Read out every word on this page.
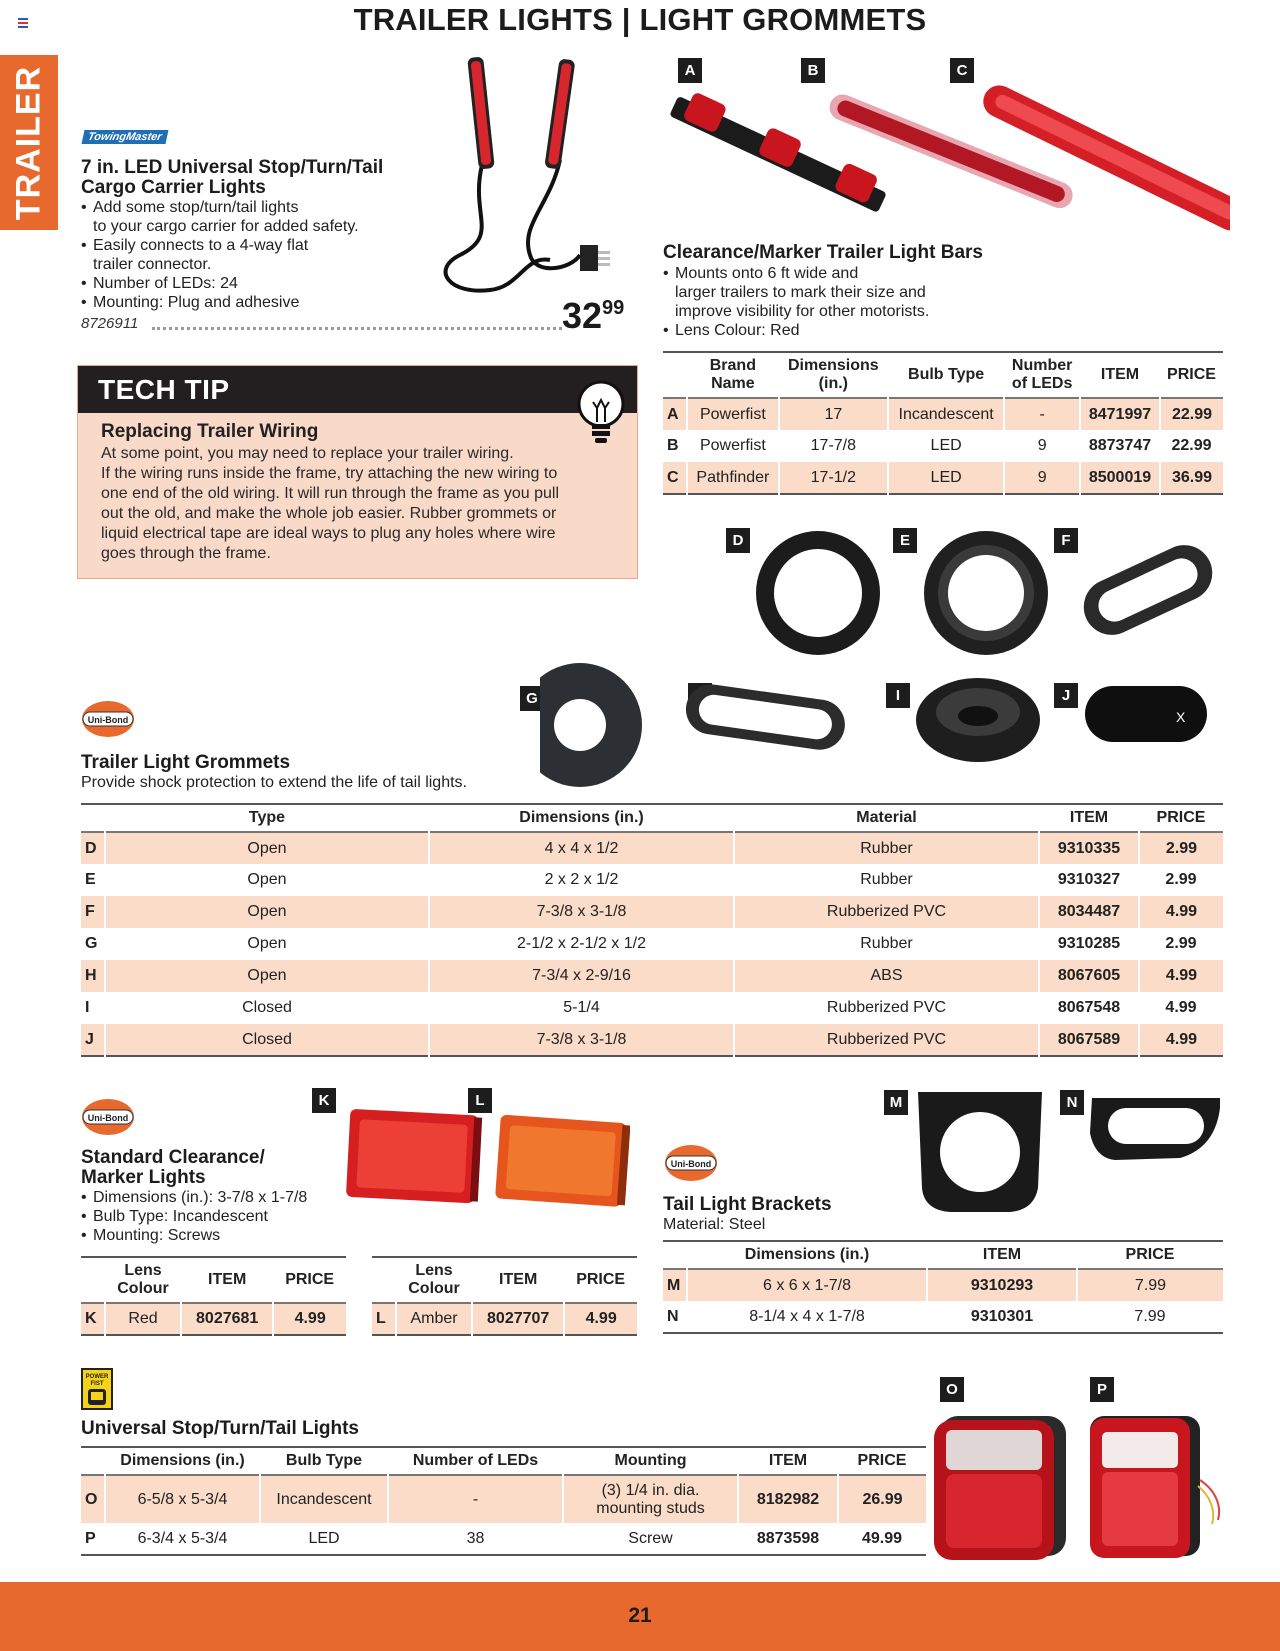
TRAILER LIGHTS | LIGHT GROMMETS
TRAILER	TowingMaster
7 in. LED Universal Stop/Turn/Tail
Cargo Carrier Lights
• Add some stop/turn/tail lights
to your cargo carrier for added safety.
• Easily connects to a 4-way flat
trailer connector.
• Number of LEDs: 24
• Mounting: Plug and adhesive
8726911	$32^{99}$
TECH TIP
Replacing Trailer Wiring
At some point, you may need to replace your trailer wiring.
If the wiring runs inside the frame, try attaching the new wiring to
one end of the old wiring. It will run through the frame as you pull
out the old, and make the whole job easier. Rubber grommets or
liquid electrical tape are ideal ways to plug any holes where wire
goes through the frame.
A	B	C
Clearance/Marker Trailer Light Bars
• Mounts onto 6 ft wide and
larger trailers to mark their size and
improve visibility for other motorists.
• Lens Colour: Red
	Brand
Name	Dimensions
(in.)	Bulb Type	Number
of LEDs	ITEM	PRICE
A	Powerfist	17	Incandescent	-	8471997	22.99
B	Powerfist	17-7/8	LED	9	8873747	22.99
C	Pathfinder	17-1/2	LED	9	8500019	36.99
D	E	F
G	I	J
X
Uni-Bond
Trailer Light Grommets
Provide shock protection to extend the life of tail lights.
	Type	Dimensions (in.)	Material	ITEM	PRICE
D	Open	4 x 4 x 1/2	Rubber	9310335	2.99
E	Open	2 x 2 x 1/2	Rubber	9310327	2.99
F	Open	7-3/8 x 3-1/8	Rubberized PVC	8034487	4.99
G	Open	2-1/2 x 2-1/2 x 1/2	Rubber	9310285	2.99
H	Open	7-3/4 x 2-9/16	ABS	8067605	4.99
I	Closed	5-1/4	Rubberized PVC	8067548	4.99
J	Closed	7-3/8 x 3-1/8	Rubberized PVC	8067589	4.99
Uni-Bond
Standard Clearance/
Marker Lights
• Dimensions (in.): 3-7/8 x 1-7/8
• Bulb Type: Incandescent
• Mounting: Screws
K	L
	Lens
Colour	ITEM	PRICE
K	Red	8027681	4.99
	Lens
Colour	ITEM	PRICE
L	Amber	8027707	4.99
Uni-Bond
Tail Light Brackets
Material: Steel
M	N
	Dimensions (in.)	ITEM	PRICE
M	6 x 6 x 1-7/8	9310293	7.99
N	8-1/4 x 4 x 1-7/8	9310301	7.99
POWER
FIST
Universal Stop/Turn/Tail Lights
O	P
	Dimensions (in.)	Bulb Type	Number of LEDs	Mounting	ITEM	PRICE
O	6-5/8 x 5-3/4	Incandescent	-	(3) 1/4 in. dia.
mounting studs	8182982	26.99
P	6-3/4 x 5-3/4	LED	38	Screw	8873598	49.99
21
